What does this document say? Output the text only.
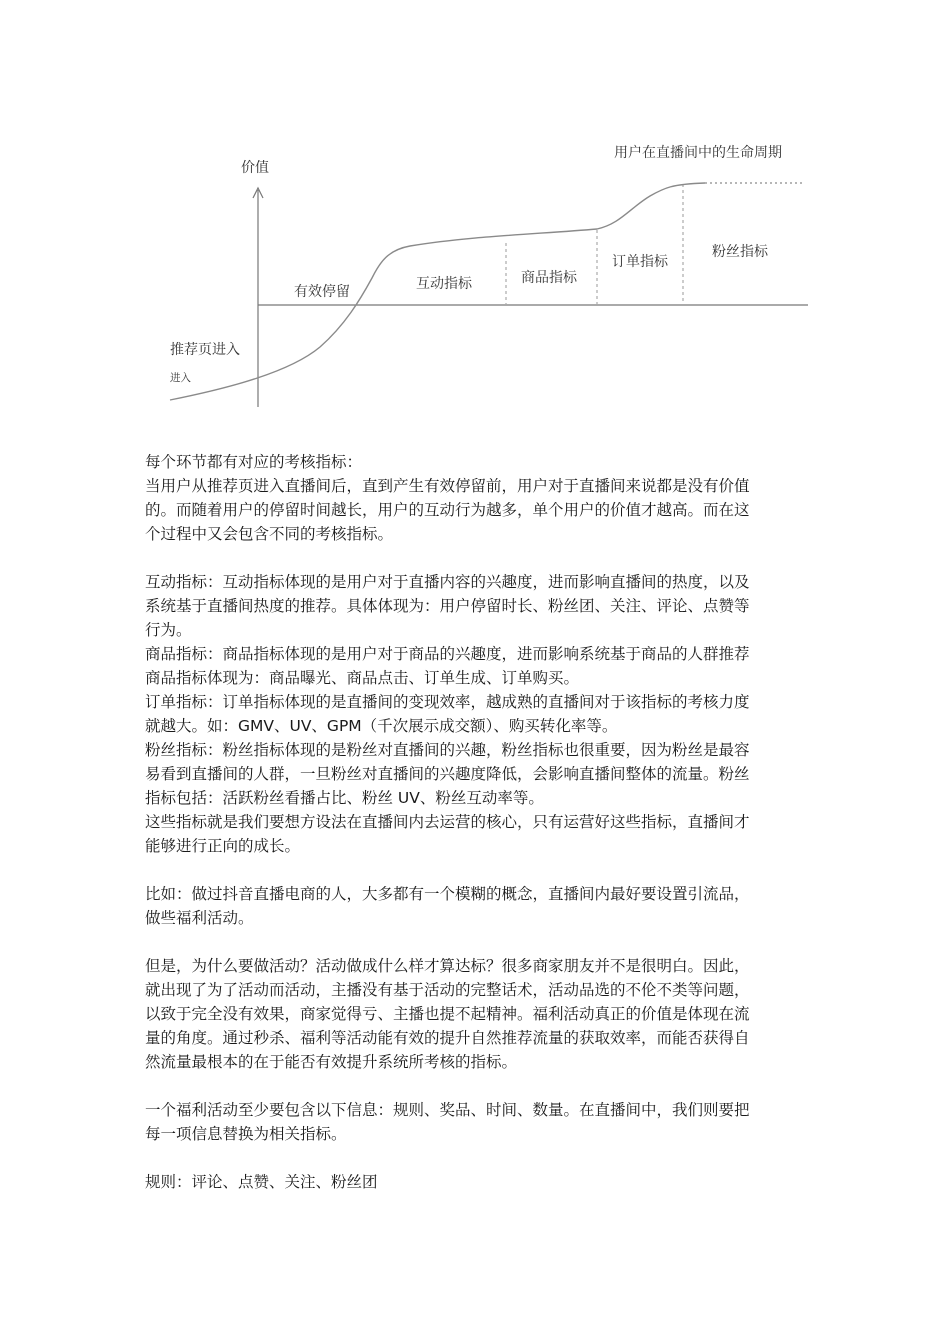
用户在直播间中的生命周期
价值
推荐页进入
进入
有效停留	互动指标	商品指标
订单指标
粉丝指标

每个环节都有对应的考核指标：

当用户从推荐页进入直播间后，直到产生有效停留前，用户对于直播间来说都是没有价值

的。而随着用户的停留时间越长，用户的互动行为越多，单个用户的价值才越高。而在这

个过程中又会包含不同的考核指标。

互动指标：互动指标体现的是用户对于直播内容的兴趣度，进而影响直播间的热度，以及

系统基于直播间热度的推荐。具体体现为：用户停留时长、粉丝团、关注、评论、点赞等

行为。

商品指标：商品指标体现的是用户对于商品的兴趣度，进而影响系统基于商品的人群推荐

商品指标体现为：商品曝光、商品点击、订单生成、订单购买。

订单指标：订单指标体现的是直播间的变现效率，越成熟的直播间对于该指标的考核力度

就越大。如：GMV、UV、GPM（千次展示成交额）、购买转化率等。

粉丝指标：粉丝指标体现的是粉丝对直播间的兴趣，粉丝指标也很重要，因为粉丝是最容

易看到直播间的人群，一旦粉丝对直播间的兴趣度降低，会影响直播间整体的流量。粉丝

指标包括：活跃粉丝看播占比、粉丝 UV、粉丝互动率等。

这些指标就是我们要想方设法在直播间内去运营的核心，只有运营好这些指标，直播间才

能够进行正向的成长。

比如：做过抖音直播电商的人，大多都有一个模糊的概念，直播间内最好要设置引流品，

做些福利活动。

但是，为什么要做活动？活动做成什么样才算达标？很多商家朋友并不是很明白。因此，

就出现了为了活动而活动，主播没有基于活动的完整话术，活动品选的不伦不类等问题，

以致于完全没有效果，商家觉得亏、主播也提不起精神。福利活动真正的价值是体现在流

量的角度。通过秒杀、福利等活动能有效的提升自然推荐流量的获取效率，而能否获得自

然流量最根本的在于能否有效提升系统所考核的指标。

一个福利活动至少要包含以下信息：规则、奖品、时间、数量。在直播间中，我们则要把

每一项信息替换为相关指标。

规则：评论、点赞、关注、粉丝团
